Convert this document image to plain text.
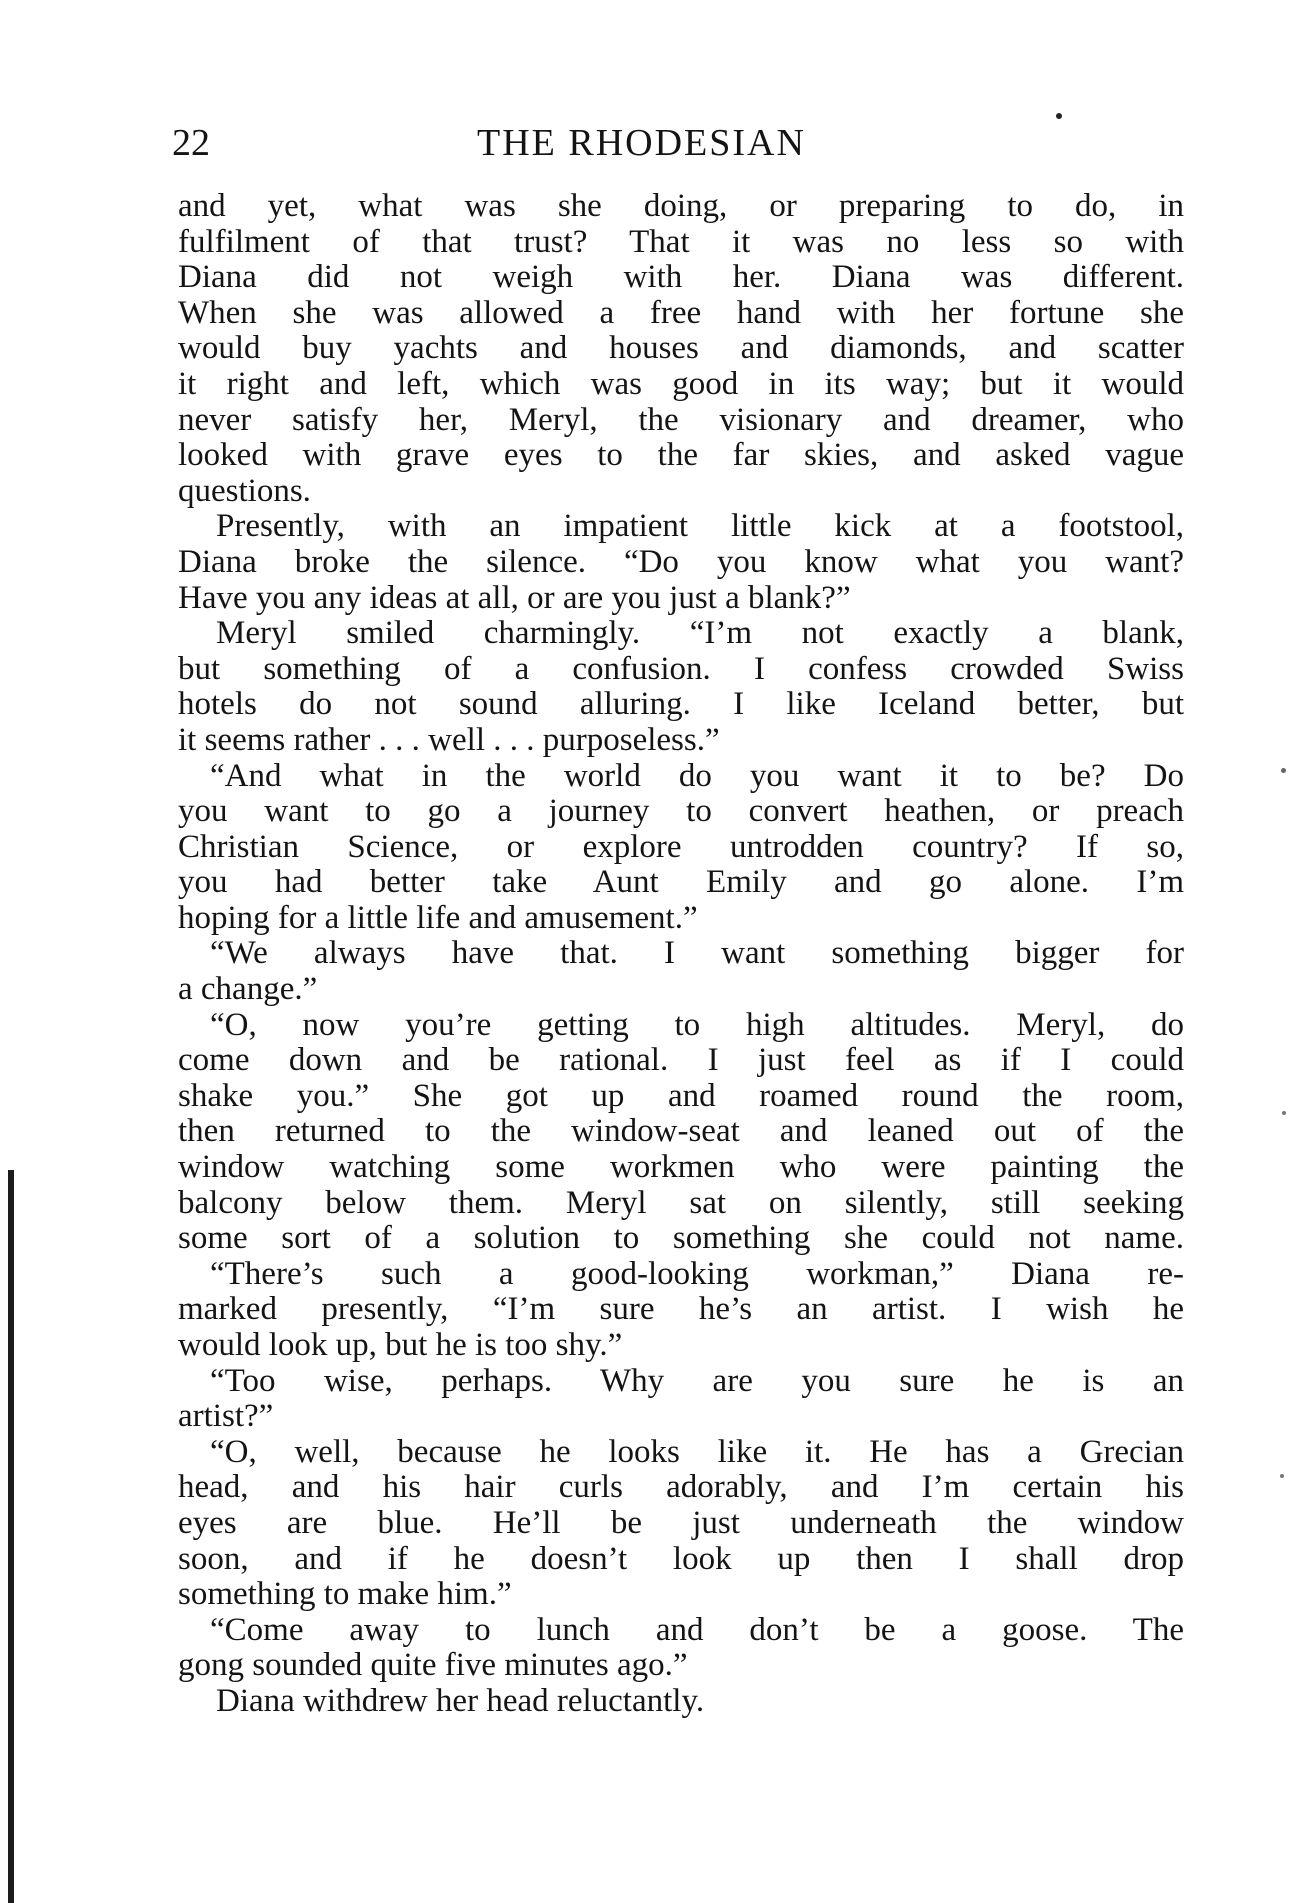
22	THE RHODESIAN
and yet, what was she doing, or preparing to do, in
fulfilment of that trust? That it was no less so with
Diana did not weigh with her. Diana was different.
When she was allowed a free hand with her fortune she
would buy yachts and houses and diamonds, and scatter
it right and left, which was good in its way; but it would
never satisfy her, Meryl, the visionary and dreamer, who
looked with grave eyes to the far skies, and asked vague
questions.
Presently, with an impatient little kick at a footstool,
Diana broke the silence. “Do you know what you want?
Have you any ideas at all, or are you just a blank?”
Meryl smiled charmingly. “I’m not exactly a blank,
but something of a confusion. I confess crowded Swiss
hotels do not sound alluring. I like Iceland better, but
it seems rather . . . well . . . purposeless.”
“And what in the world do you want it to be? Do
you want to go a journey to convert heathen, or preach
Christian Science, or explore untrodden country? If so,
you had better take Aunt Emily and go alone. I’m
hoping for a little life and amusement.”
“We always have that. I want something bigger for
a change.”
“O, now you’re getting to high altitudes. Meryl, do
come down and be rational. I just feel as if I could
shake you.” She got up and roamed round the room,
then returned to the window-seat and leaned out of the
window watching some workmen who were painting the
balcony below them. Meryl sat on silently, still seeking
some sort of a solution to something she could not name.
“There’s such a good-looking workman,” Diana re-
marked presently, “I’m sure he’s an artist. I wish he
would look up, but he is too shy.”
“Too wise, perhaps. Why are you sure he is an
artist?”
“O, well, because he looks like it. He has a Grecian
head, and his hair curls adorably, and I’m certain his
eyes are blue. He’ll be just underneath the window
soon, and if he doesn’t look up then I shall drop
something to make him.”
“Come away to lunch and don’t be a goose. The
gong sounded quite five minutes ago.”
Diana withdrew her head reluctantly.
